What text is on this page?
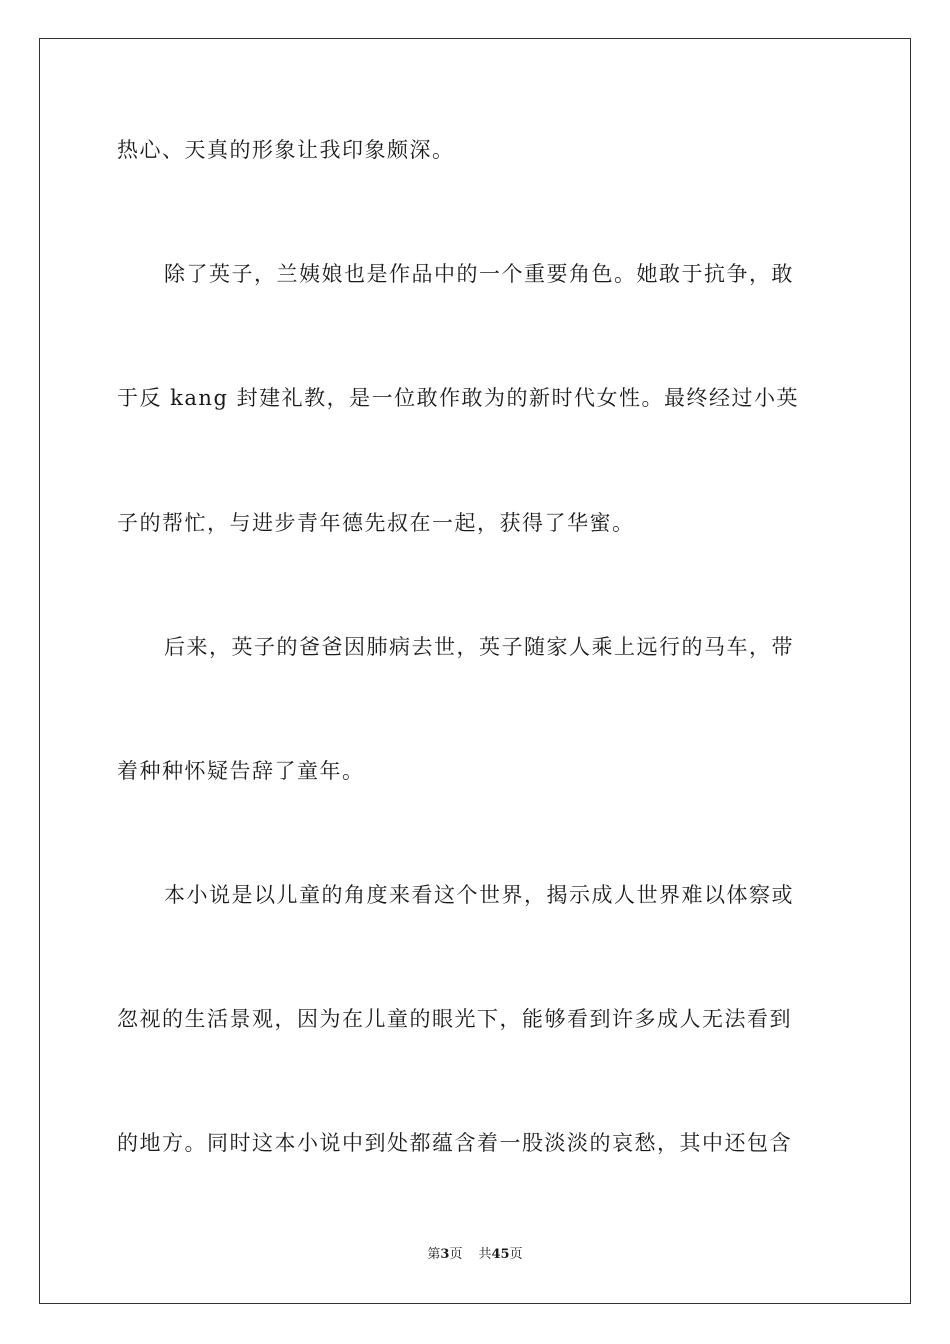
热心、天真的形象让我印象颇深。
除了英子，兰姨娘也是作品中的一个重要角色。她敢于抗争，敢
于反 kang 封建礼教，是一位敢作敢为的新时代女性。最终经过小英
子的帮忙，与进步青年德先叔在一起，获得了华蜜。
后来，英子的爸爸因肺病去世，英子随家人乘上远行的马车，带
着种种怀疑告辞了童年。
本小说是以儿童的角度来看这个世界，揭示成人世界难以体察或
忽视的生活景观，因为在儿童的眼光下，能够看到许多成人无法看到
的地方。同时这本小说中到处都蕴含着一股淡淡的哀愁，其中还包含
第3页 共45页
